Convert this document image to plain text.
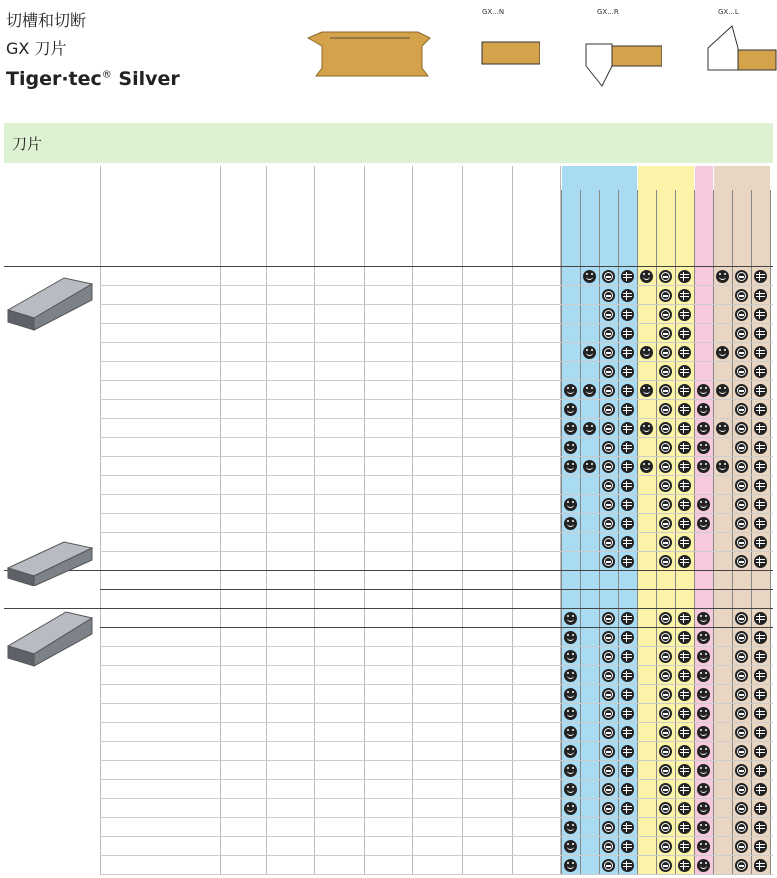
切槽和切断
GX 刀片
Tiger·tec® Silver
GX...N	GX...R	GX...L
刀片
